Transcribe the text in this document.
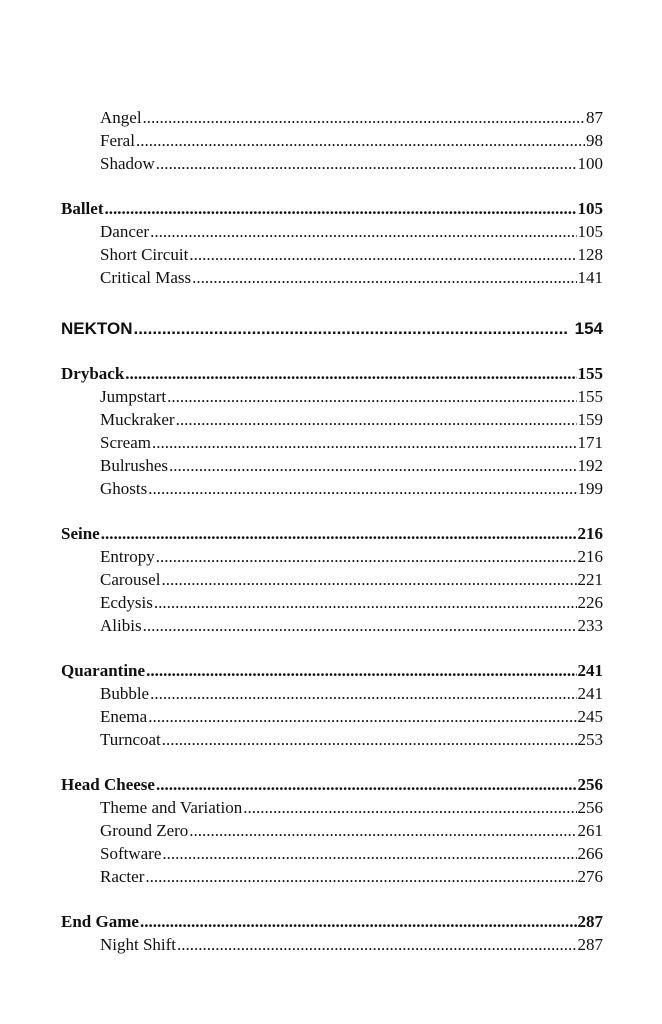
Angel .....	87
Feral .....	98
Shadow .....	100
Ballet .....	105
Dancer .....	105
Short Circuit .....	128
Critical Mass .....	141
NEKTON .....	154
Dryback .....	155
Jumpstart .....	155
Muckraker .....	159
Scream .....	171
Bulrushes .....	192
Ghosts .....	199
Seine .....	216
Entropy .....	216
Carousel .....	221
Ecdysis .....	226
Alibis .....	233
Quarantine .....	241
Bubble .....	241
Enema .....	245
Turncoat .....	253
Head Cheese .....	256
Theme and Variation .....	256
Ground Zero .....	261
Software .....	266
Racter .....	276
End Game .....	287
Night Shift .....	287
